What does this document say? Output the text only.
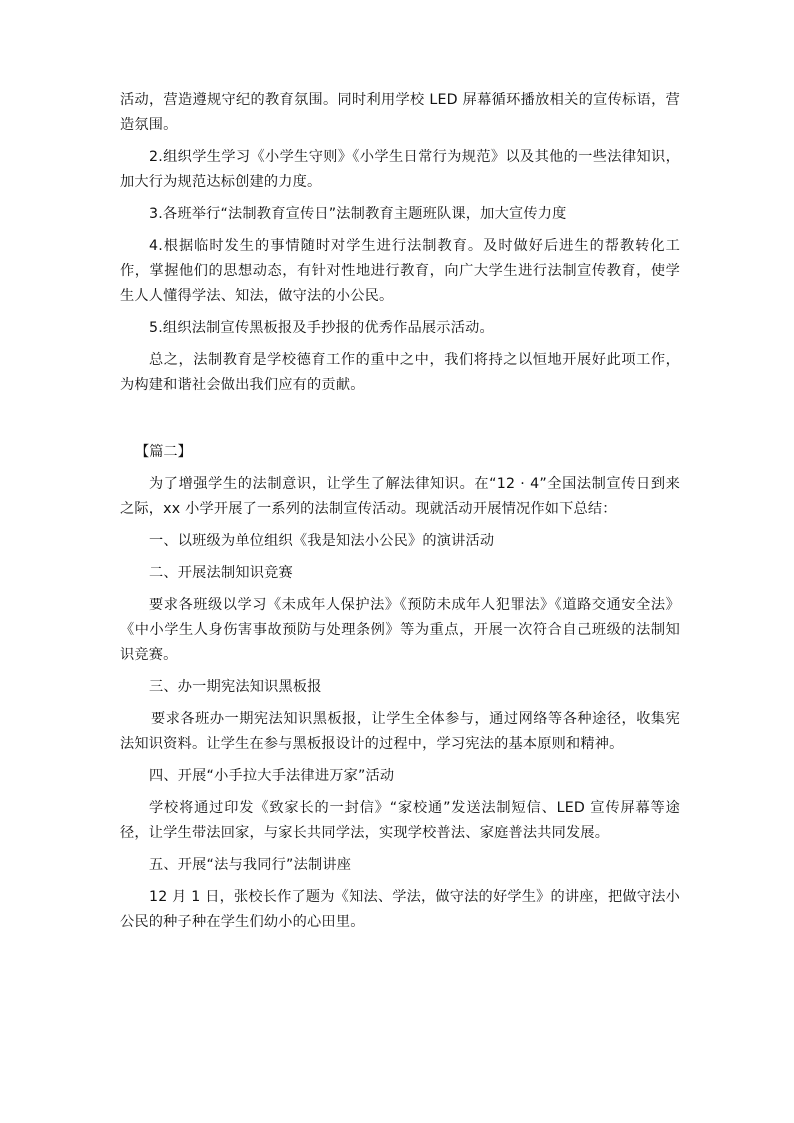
活动，营造遵规守纪的教育氛围。同时利用学校 LED 屏幕循环播放相关的宣传标语，营造氛围。

2.组织学生学习《小学生守则》《小学生日常行为规范》以及其他的一些法律知识，加大行为规范达标创建的力度。

3.各班举行“法制教育宣传日”法制教育主题班队课，加大宣传力度

4.根据临时发生的事情随时对学生进行法制教育。及时做好后进生的帮教转化工作，掌握他们的思想动态，有针对性地进行教育，向广大学生进行法制宣传教育，使学生人人懂得学法、知法，做守法的小公民。

5.组织法制宣传黑板报及手抄报的优秀作品展示活动。

总之，法制教育是学校德育工作的重中之中，我们将持之以恒地开展好此项工作，为构建和谐社会做出我们应有的贡献。

【篇二】

为了增强学生的法制意识，让学生了解法律知识。在“12 · 4”全国法制宣传日到来之际，xx 小学开展了一系列的法制宣传活动。现就活动开展情况作如下总结：

一、以班级为单位组织《我是知法小公民》的演讲活动

二、开展法制知识竞赛

要求各班级以学习《未成年人保护法》《预防未成年人犯罪法》《道路交通安全法》《中小学生人身伤害事故预防与处理条例》等为重点，开展一次符合自己班级的法制知识竞赛。

三、办一期宪法知识黑板报

要求各班办一期宪法知识黑板报，让学生全体参与，通过网络等各种途径，收集宪法知识资料。让学生在参与黑板报设计的过程中，学习宪法的基本原则和精神。

四、开展“小手拉大手法律进万家”活动

学校将通过印发《致家长的一封信》“家校通”发送法制短信、LED 宣传屏幕等途径，让学生带法回家，与家长共同学法，实现学校普法、家庭普法共同发展。

五、开展“法与我同行”法制讲座

12 月 1 日，张校长作了题为《知法、学法，做守法的好学生》的讲座，把做守法小公民的种子种在学生们幼小的心田里。
